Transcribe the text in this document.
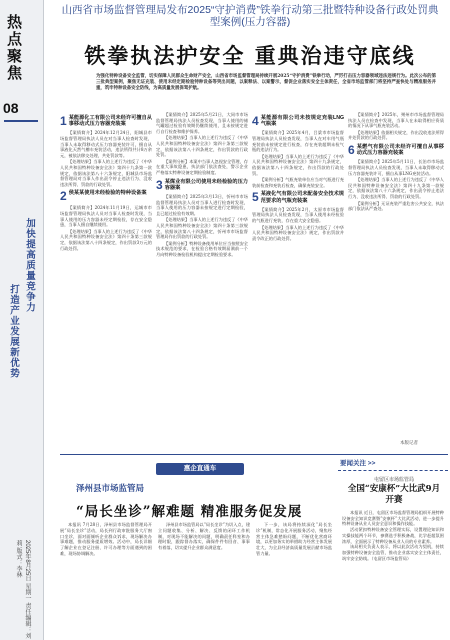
热点聚焦
08
加快提高质量竞争力
打造产业发展新优势
2025年8月25日 星期一 责任编辑：刘莉 版式：李林
山西省市场监督管理局发布2025“守护消费”铁拳行动第三批暨特种设备行政处罚典型案例(压力容器)
铁拳执法护安全 重典治违守底线
为强化特种设备安全监管，切实保障人民群众生命财产安全，山西省市场监督管理局持续开展2025“守护消费”铁拳行动，严厉打击压力容器领域违法违规行为。此次公布的第三批典型案例，聚焦无证充装、使用未经定期检验特种设备等突出问题，以案释法、以案警示，督促企业落实安全主体责任，全省市场监管部门将坚持严查快处与精准服务并重，筑牢特种设备安全防线，为高质量发展保驾护航。
1 某能源化工有限公司未经许可擅自从事移动式压力容器充装案

【案情简介】2024年12月24日，阳城县市场监督管理局执法人员在对当事人检查时发现，当事人未取得移动式压力容器充装许可，擅自从事液化天然气槽车充装活动，违法所得共计8万余元，被依法移交处理，共处罚款等。

【处理结果】当事人的上述行为违反了《中华人民共和国特种设备安全法》第四十九条第一款规定，依据该法第八十六条规定，阳城县市场监督管理局对当事人作出责令停止违法行为、没收违法所得、罚款的行政处罚。

2 侯某某使用未经检验的特种设备案

【案情简介】2024年11月19日，运城市市场监督管理局执法人员对当事人检查时发现，当事人使用的压力容器未经定期检验，存在安全隐患，当事人擅自继续使用。

【处理结果】当事人的上述行为违反了《中华人民共和国特种设备安全法》第四十条第三款规定，依据该法第八十四条规定，作出罚款3万元的行政处罚。

【案情简介】2025年5月21日，大同市市场监督管理局执法人员检查发现，当事人使用的储气罐超过检验有效期仍继续使用，且未按规定进行自行检查和维护保养。

【处理结果】当事人的上述行为违反了《中华人民共和国特种设备安全法》第四十条第三款规定，依据该法第八十四条规定，作出罚款的行政处罚。

【案例分析】本案中当事人忽视安全管理，存在重大事故隐患，执法部门依法查处，警示企业严格落实特种设备定期检验制度。

3 某煤业有限公司使用未经检验的压力容器案

【案情简介】2025年3月13日，忻州市市场监督管理局执法人员对当事人进行检查时发现，当事人使用的压力容器未按规定进行定期检验，且已超过检验有效期。

【处理结果】当事人的上述行为违反了《中华人民共和国特种设备安全法》第四十条第三款规定，依据该法第八十四条规定，忻州市市场监督管理局作出罚款的行政处罚。

【案例分析】特种设备使用单位应当按照安全技术规范的要求，在检验合格有效期届满前一个月向特种设备检验机构提出定期检验要求。

4 某能源有限公司未按规定充装LNG气瓶案

【案情简介】2025年4月，吕梁市市场监督管理局执法人员检查发现，当事人在对车用气瓶充装前未按规定进行检查，存在充装超期未检气瓶的违法行为。

【处理结果】当事人的上述行为违反了《中华人民共和国特种设备安全法》第四十九条规定，依据该法第八十四条规定，作出罚款的行政处罚。

【案例分析】气瓶充装单位应当对气瓶进行充装前检查和充装后检查，确保充装安全。

5 某液化气有限公司未配备安全技术规范要求的气瓶充装案

【案情简介】2025年2月，太原市市场监督管理局执法人员检查发现，当事人使用未经检验的气瓶进行充装，存在重大安全隐患。

【处理结果】当事人的上述行为违反了《中华人民共和国特种设备安全法》规定，作出罚款并责令改正的行政处罚。

【案情简介】2025年，朔州市市场监督管理局执法人员在检查中发现，当事人在未取得相应资质的情况下从事气瓶充装活动。

【处理结果】依据相关规定，作出没收违法所得并处罚款的行政处罚。

6 某燃气有限公司未经许可擅自从事移动式压力容器充装案

【案情简介】2025年5月11日，长治市市场监督管理局执法人员检查发现，当事人未取得移动式压力容器充装许可，擅自从事LNG充装活动。

【处理结果】当事人的上述行为违反了《中华人民共和国特种设备安全法》第四十九条第一款规定，依据该法第八十六条规定，作出责令停止违法行为、没收违法所得、罚款的行政处罚。

【案例分析】无证充装严重危害公共安全，执法部门依法从严查处。

本版记者
惠企直通车
泽州县市场监管局
“局长坐诊”解难题 精准服务促发展

本报讯 7月28日，泽州县市场监督管理局开展“局长坐诊”活动，局长到行政审批服务大厅窗口坐诊，面对面倾听企业群众诉求，现场解决办事难题，推动服务提质增效。活动中，局长详细了解企业在登记注册、许可办理等方面遇到的困难，现场协调解决。

泽州县市场监管局以“局长坐诊”为切入点，建立问题收集、分析、解决、反馈的闭环工作机制，对现场不能解决的问题，明确责任科室和办理时限，跟踪督办落实，确保件件有回音、事事有着落，切实提升企业群众满意度。

下一步，该局将持续深化“局长坐诊”机制，常态化开展服务活动，聚焦经营主体急难愁盼问题，不断优化营商环境，以更加务实的举措助力经营主体发展壮大，为全县经济高质量发展贡献市场监管力量。

要闻关注 >>
屯留区市场监管局
全国“安康杯”大比武9月开赛

本报讯 近日，屯留区市场监督管理局组织开展特种设备安全知识竞赛暨“安康杯”大比武活动，进一步提升特种设备从业人员安全意识和操作技能。

活动紧扣特种设备安全管理实际，设置理论知识和实操技能两个环节，参赛选手积极备战，比学赶超氛围浓厚，全面展示了特种设备从业人员的专业素养。

该局相关负责人表示，将以此次活动为契机，持续加强特种设备安全监管，推动企业落实安全主体责任，筑牢安全防线。（屯留区市场监管局）
